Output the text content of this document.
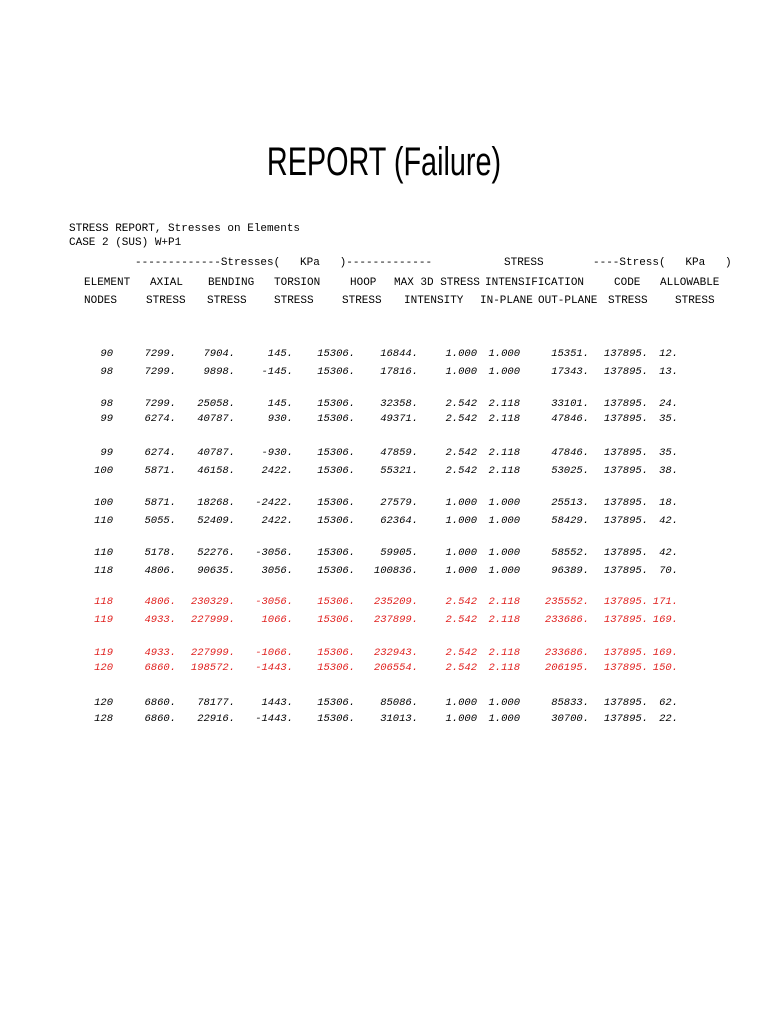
REPORT (Failure)
STRESS REPORT, Stresses on Elements
CASE 2 (SUS) W+P1
-------------Stresses(   KPa   )-------------	STRESS	----Stress(   KPa   )
ELEMENT AXIAL BENDING TORSION	HOOP MAX 3D STRESS INTENSIFICATION	CODE ALLOWABLE
NODES	STRESS STRESS STRESS	STRESS INTENSITY IN-PLANE OUT-PLANE STRESS STRESS
90	7299.	7904.	145. 15306. 16844.	1.000 1.000	15351. 137895. 12.
98	7299.	9898.	-145. 15306. 17816.	1.000 1.000	17343. 137895. 13.
98	7299. 25058.	145. 15306. 32358.	2.542 2.118	33101. 137895. 24.
99	6274. 40787.	930. 15306. 49371.	2.542 2.118	47846. 137895. 35.
99	6274. 40787.	-930. 15306. 47859.	2.542 2.118	47846. 137895. 35.
100	5871. 46158.	2422. 15306. 55321.	2.542 2.118	53025. 137895. 38.
100	5871. 18268. -2422. 15306. 27579.	1.000 1.000	25513. 137895. 18.
110	5055. 52409.	2422. 15306. 62364.	1.000 1.000	58429. 137895. 42.
110	5178. 52276. -3056. 15306. 59905.	1.000 1.000	58552. 137895. 42.
118	4806. 90635.	3056. 15306. 100836.	1.000 1.000	96389. 137895. 70.
118	4806. 230329. -3056. 15306. 235209.	2.542 2.118 235552. 137895. 171.
119	4933. 227999.	1066. 15306. 237899.	2.542 2.118 233686. 137895. 169.
119	4933. 227999. -1066. 15306. 232943.	2.542 2.118 233686. 137895. 169.
120	6860. 198572. -1443. 15306. 206554.	2.542 2.118 206195. 137895. 150.
120	6860. 78177.	1443. 15306. 85086.	1.000 1.000	85833. 137895. 62.
128	6860. 22916. -1443. 15306. 31013.	1.000 1.000	30700. 137895. 22.
